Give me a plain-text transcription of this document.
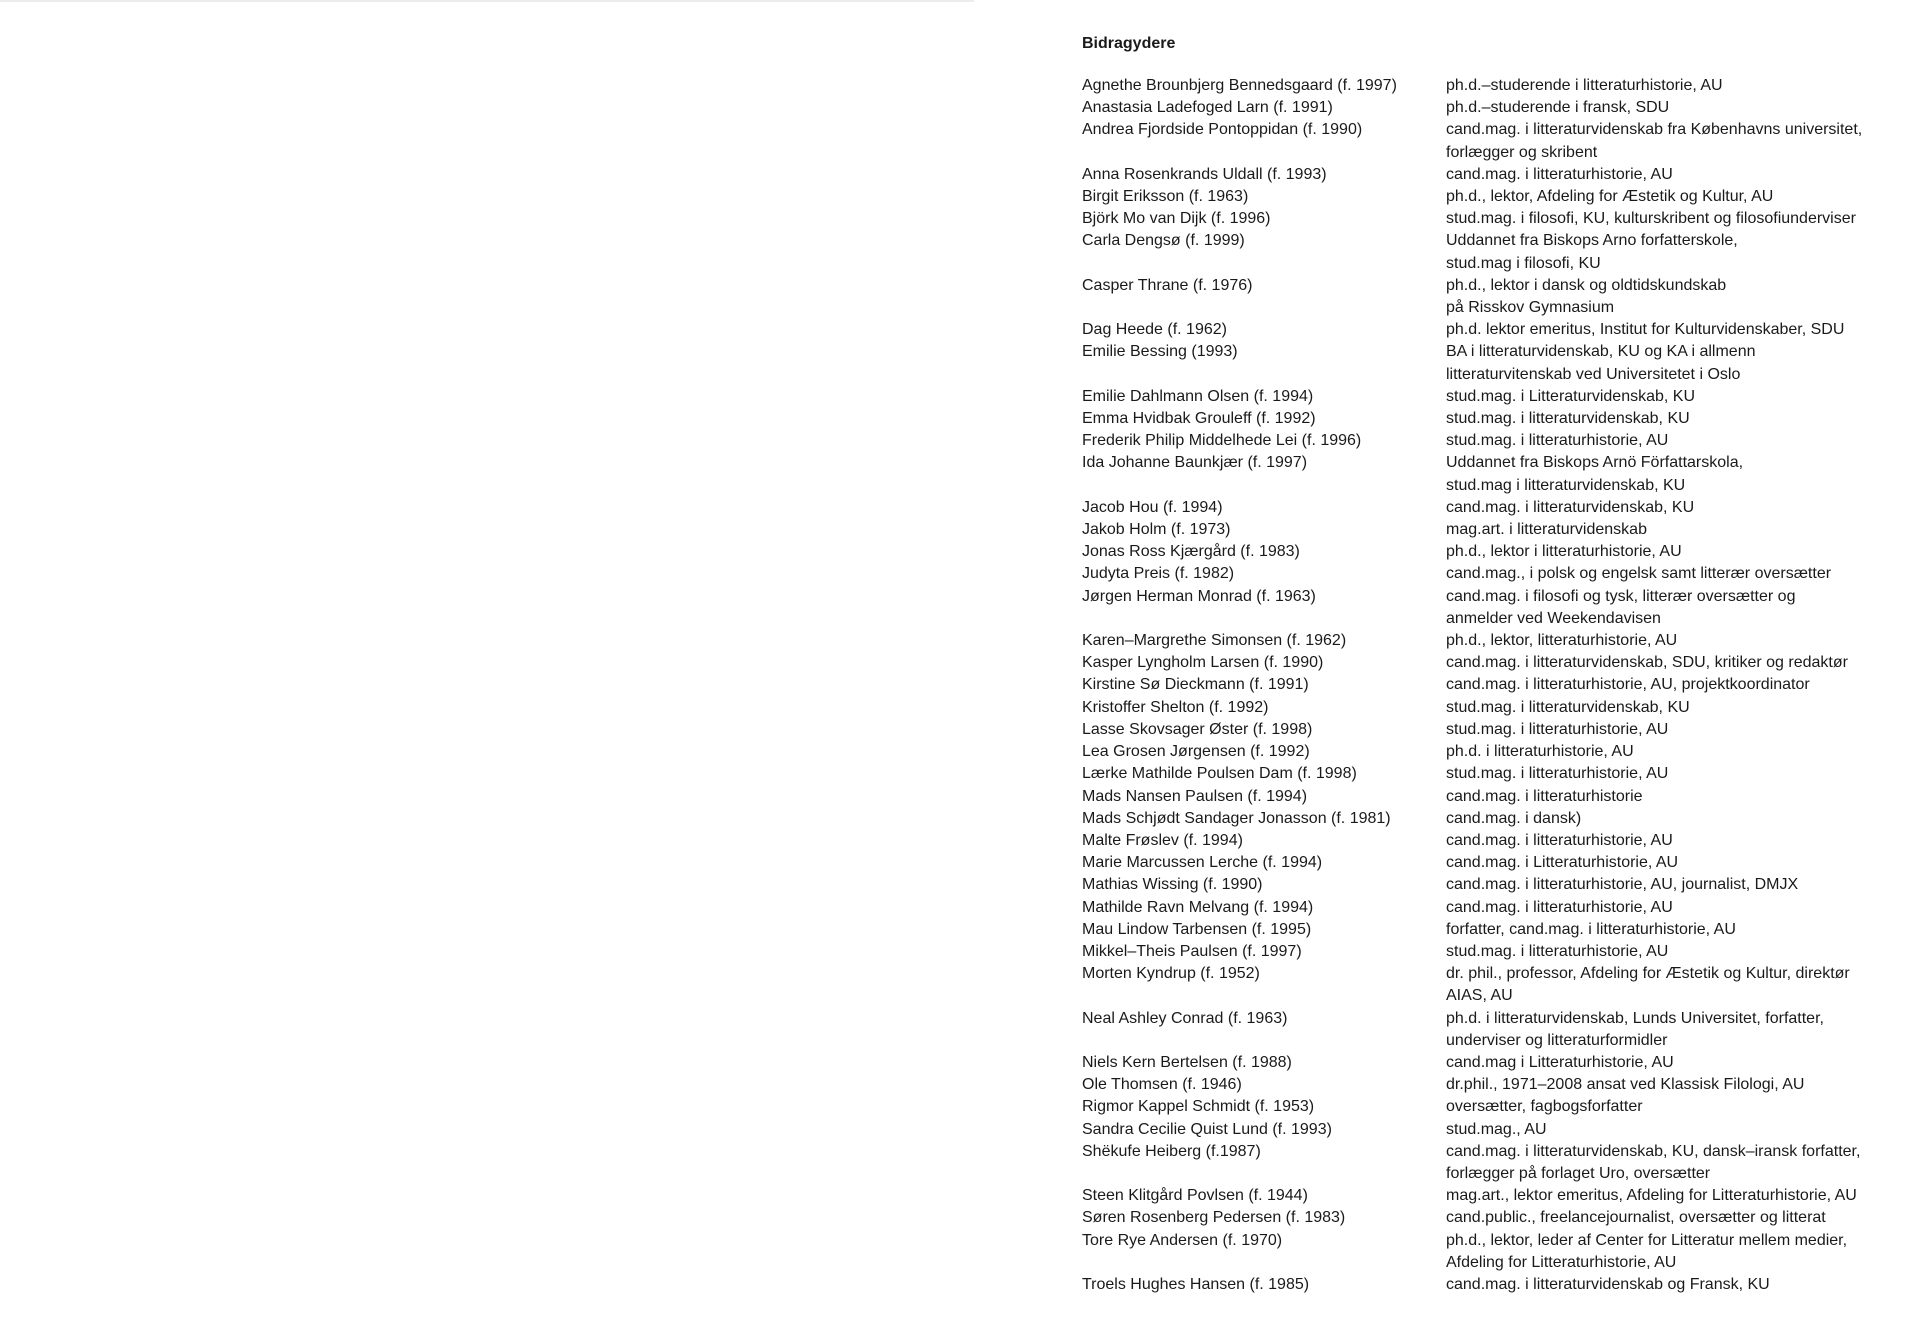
Bidragydere
Agnethe Brounbjerg Bennedsgaard (f. 1997)	ph.d.–studerende i litteraturhistorie, AU
Anastasia Ladefoged Larn (f. 1991)	ph.d.–studerende i fransk, SDU
Andrea Fjordside Pontoppidan (f. 1990)	cand.mag. i litteraturvidenskab fra Københavns universitet,
forlægger og skribent
Anna Rosenkrands Uldall (f. 1993)	cand.mag. i litteraturhistorie, AU
Birgit Eriksson (f. 1963)	ph.d., lektor, Afdeling for Æstetik og Kultur, AU
Björk Mo van Dijk (f. 1996)	stud.mag. i filosofi, KU, kulturskribent og filosofiunderviser
Carla Dengsø (f. 1999)	Uddannet fra Biskops Arno forfatterskole,
stud.mag i filosofi, KU
Casper Thrane (f. 1976)	ph.d., lektor i dansk og oldtidskundskab
på Risskov Gymnasium
Dag Heede (f. 1962)	ph.d. lektor emeritus, Institut for Kulturvidenskaber, SDU
Emilie Bessing (1993)	BA i litteraturvidenskab, KU og KA i allmenn
litteraturvitenskab ved Universitetet i Oslo
Emilie Dahlmann Olsen (f. 1994)	stud.mag. i Litteraturvidenskab, KU
Emma Hvidbak Grouleff (f. 1992)	stud.mag. i litteraturvidenskab, KU
Frederik Philip Middelhede Lei (f. 1996)	stud.mag. i litteraturhistorie, AU
Ida Johanne Baunkjær (f. 1997)	Uddannet fra Biskops Arnö Författarskola,
stud.mag i litteraturvidenskab, KU
Jacob Hou (f. 1994)	cand.mag. i litteraturvidenskab, KU
Jakob Holm (f. 1973)	mag.art. i litteraturvidenskab
Jonas Ross Kjærgård (f. 1983)	ph.d., lektor i litteraturhistorie, AU
Judyta Preis (f. 1982)	cand.mag., i polsk og engelsk samt litterær oversætter
Jørgen Herman Monrad (f. 1963)	cand.mag. i filosofi og tysk, litterær oversætter og
anmelder ved Weekendavisen
Karen–Margrethe Simonsen (f. 1962)	ph.d., lektor, litteraturhistorie, AU
Kasper Lyngholm Larsen (f. 1990)	cand.mag. i litteraturvidenskab, SDU, kritiker og redaktør
Kirstine Sø Dieckmann (f. 1991)	cand.mag. i litteraturhistorie, AU, projektkoordinator
Kristoffer Shelton (f. 1992)	stud.mag. i litteraturvidenskab, KU
Lasse Skovsager Øster (f. 1998)	stud.mag. i litteraturhistorie, AU
Lea Grosen Jørgensen (f. 1992)	ph.d. i litteraturhistorie, AU
Lærke Mathilde Poulsen Dam (f. 1998)	stud.mag. i litteraturhistorie, AU
Mads Nansen Paulsen (f. 1994)	cand.mag. i litteraturhistorie
Mads Schjødt Sandager Jonasson (f. 1981)	cand.mag. i dansk)
Malte Frøslev (f. 1994)	cand.mag. i litteraturhistorie, AU
Marie Marcussen Lerche (f. 1994)	cand.mag. i Litteraturhistorie, AU
Mathias Wissing (f. 1990)	cand.mag. i litteraturhistorie, AU, journalist, DMJX
Mathilde Ravn Melvang (f. 1994)	cand.mag. i litteraturhistorie, AU
Mau Lindow Tarbensen (f. 1995)	forfatter, cand.mag. i litteraturhistorie, AU
Mikkel–Theis Paulsen (f. 1997)	stud.mag. i litteraturhistorie, AU
Morten Kyndrup (f. 1952)	dr. phil., professor, Afdeling for Æstetik og Kultur, direktør
AIAS, AU
Neal Ashley Conrad (f. 1963)	ph.d. i litteraturvidenskab, Lunds Universitet, forfatter,
underviser og litteraturformidler
Niels Kern Bertelsen (f. 1988)	cand.mag i Litteraturhistorie, AU
Ole Thomsen (f. 1946)	dr.phil., 1971–2008 ansat ved Klassisk Filologi, AU
Rigmor Kappel Schmidt (f. 1953)	oversætter, fagbogsforfatter
Sandra Cecilie Quist Lund (f. 1993)	stud.mag., AU
Shëkufe Heiberg (f.1987)	cand.mag. i litteraturvidenskab, KU, dansk–iransk forfatter,
forlægger på forlaget Uro, oversætter
Steen Klitgård Povlsen (f. 1944)	mag.art., lektor emeritus, Afdeling for Litteraturhistorie, AU
Søren Rosenberg Pedersen (f. 1983)	cand.public., freelancejournalist, oversætter og litterat
Tore Rye Andersen (f. 1970)	ph.d., lektor, leder af Center for Litteratur mellem medier,
Afdeling for Litteraturhistorie, AU
Troels Hughes Hansen (f. 1985)	cand.mag. i litteraturvidenskab og Fransk, KU
